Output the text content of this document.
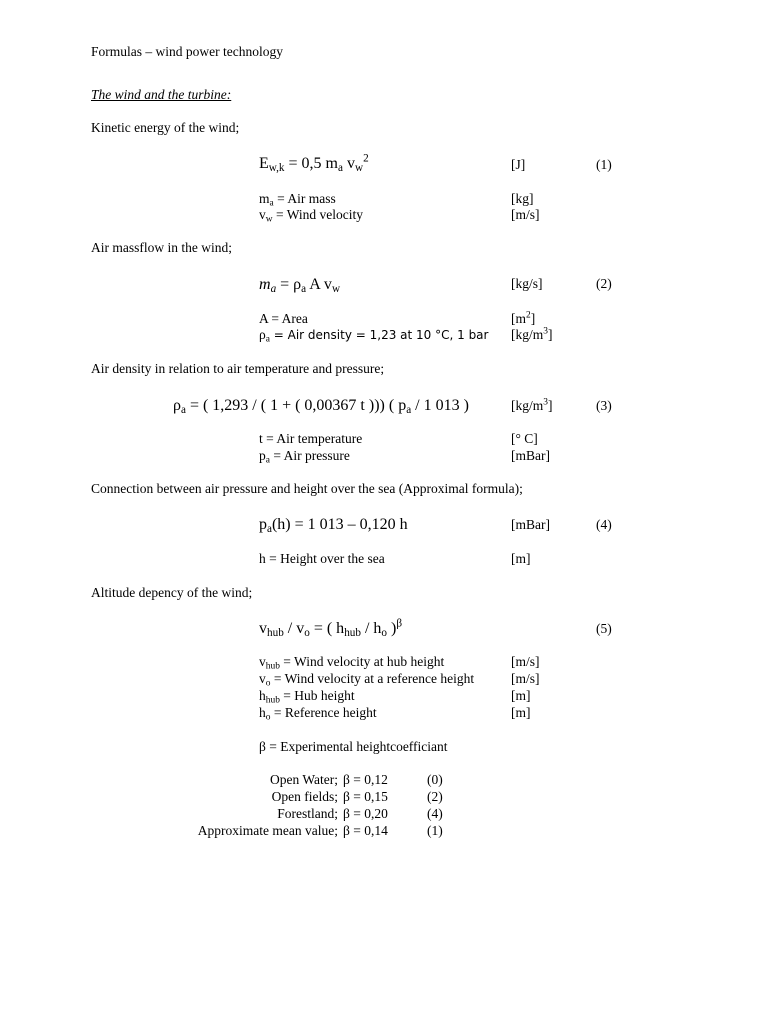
Formulas – wind power technology
The wind and the turbine:
Kinetic energy of the wind;
$E_{w,k} = 0,5$ $m_a$ $v_w^2$	[J]	(1)
$m_a$ = Air mass	[kg]
$v_w$ = Wind velocity	[m/s]
Air massflow in the wind;
$m_a = \rho_a$ A $v_w$	[kg/s]	(2)
A = Area	$[m^2]$
$\rho_a$ = Air density = 1,23 at 10 °C, 1 bar $[kg/m^3]$
Air density in relation to air temperature and pressure;
$\rho_a$ = ( 1,293 / ( 1 + ( 0,00367 t ))) ( $p_a / 1$ 013 )	$[kg/m^3]$	(3)
t = Air temperature	[° C]
$p_a$ = Air pressure	[mBar]
Connection between air pressure and height over the sea (Approximal formula);
$p_a(h) = 1$ 013 – 0,120 h	[mBar]	(4)
h = Height over the sea	[m]
Altitude depency of the wind;
$v_{hub} / v_o$ = ( $h_{hub} / h_o$ )$^\beta$	(5)
$v_{hub}$ = Wind velocity at hub height	[m/s]
$v_o$ = Wind velocity at a reference height	[m/s]
$h_{hub}$ = Hub height	[m]
$h_o$ = Reference height	[m]
β = Experimental heightcoefficiant
Open Water; β = 0,12	(0)
Open fields; β = 0,15	(2)
Forestland; β = 0,20	(4)
Approximate mean value; β = 0,14	(1)
